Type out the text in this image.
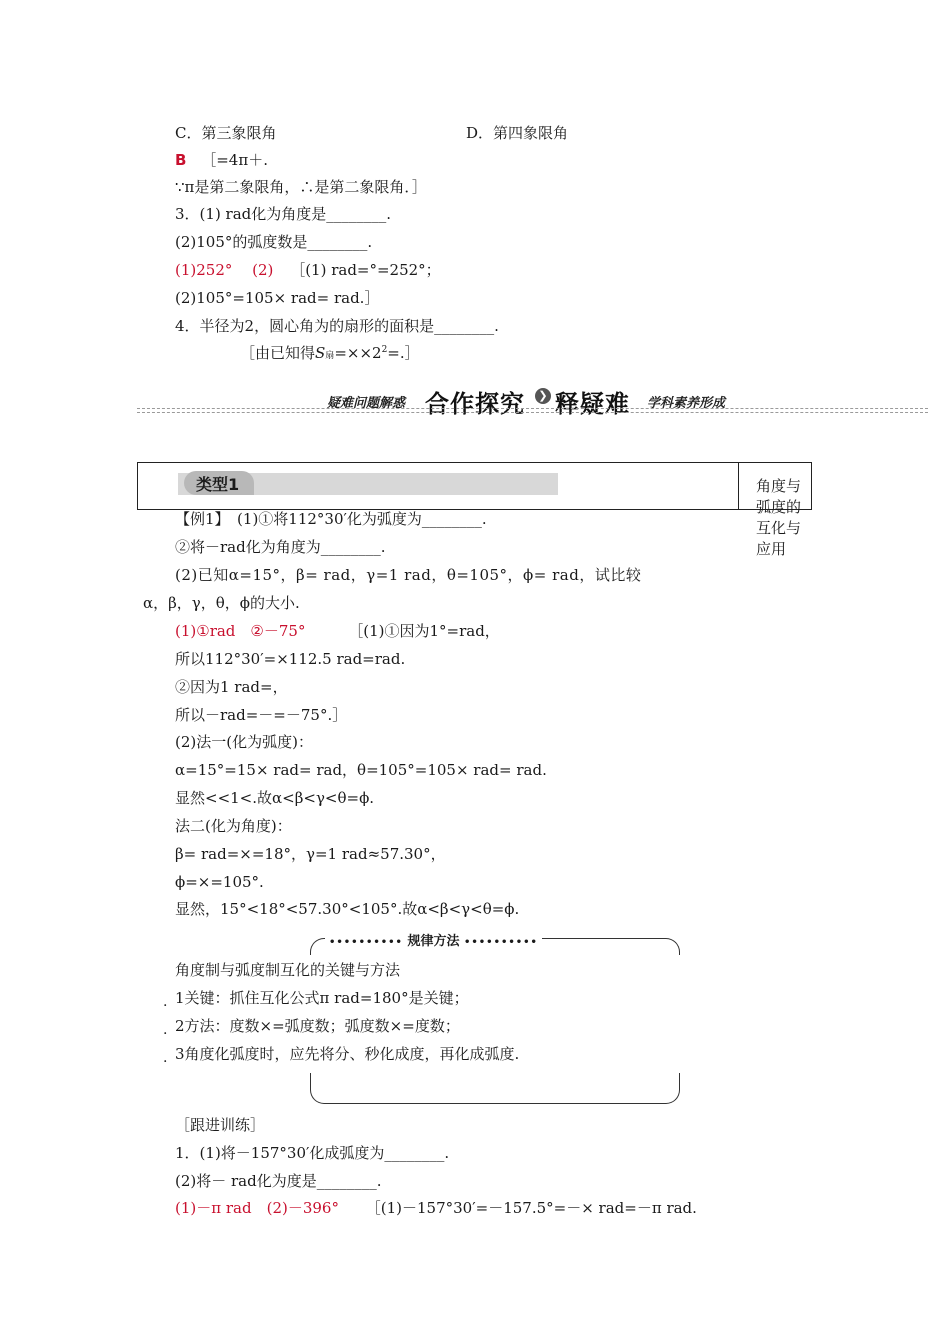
C．第三象限角	D．第四象限角
B ［=4π＋.
∵π是第二象限角，∴是第二象限角．］
3．(1) rad化为角度是________.
(2)105°的弧度数是________.
(1)252°　 (2) ［(1) rad=°=252°；
(2)105°=105× rad= rad.］
4．半径为2，圆心角为的扇形的面积是________.
［由已知得S扇$=\times\times 2^2=.]$
疑难问题解惑 合作探究	❯ 释疑难 学科素养形成
类型1	角度与弧度的互化与应用
【例1】　(1)①将112°30′化为弧度为________.
②将－rad化为角度为________.
(2)已知α=15°，β= rad，γ=1 rad，θ=105°，ϕ= rad，试比较
α，β，γ，θ，ϕ的大小.
(1)①rad　②－75°	［(1)①因为1°=rad，
所以112°30′=×112.5 rad=rad.
②因为1 rad=，
所以－rad=－=－75°.］
(2)法一(化为弧度)：
α=15°=15× rad= rad，θ=105°=105× rad= rad.
显然<<1<.故α<β<γ<θ=ϕ.
法二(化为角度)：
β= rad=×=18°，γ=1 rad≈57.30°，
ϕ=×=105°.
显然，15°<18°<57.30°<105°.故α<β<γ<θ=ϕ.
•••••••••• 规律方法 ••••••••••
角度制与弧度制互化的关键与方法
. 1关键：抓住互化公式π rad=180°是关键；
. 2方法：度数×=弧度数；弧度数×=度数；
. 3角度化弧度时，应先将分、秒化成度，再化成弧度.
［跟进训练］
1．(1)将－157°30′化成弧度为________.
(2)将－ rad化为度是________.
(1)－π rad　(2)－396° ［(1)－157°30′=－157.5°=－× rad=－π rad.
